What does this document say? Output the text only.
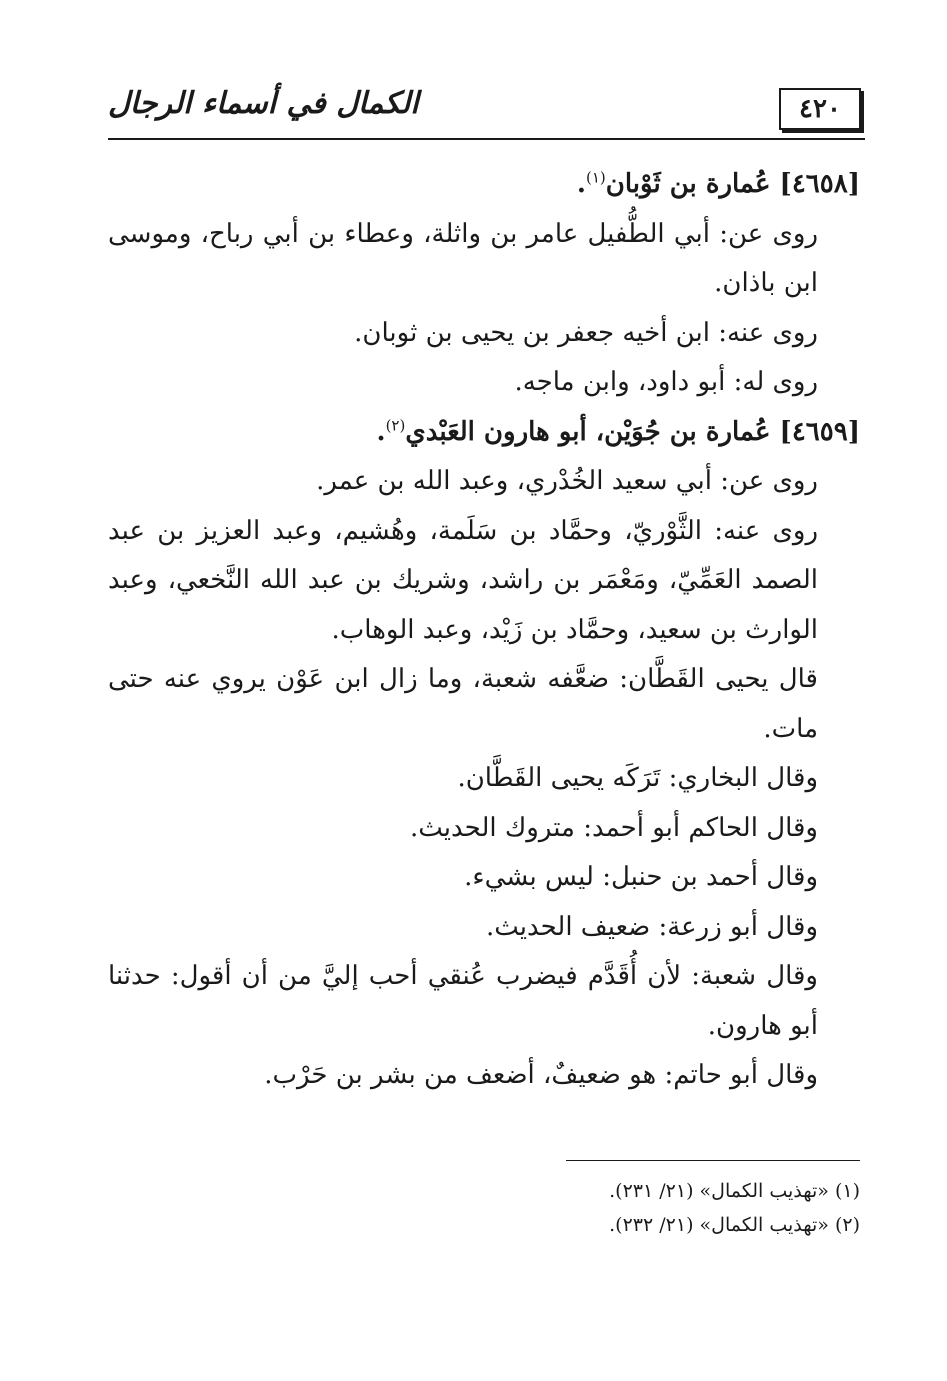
٤٢٠
الكمال في أسماء الرجال

[٤٦٥٨] عُمارة بن ثَوْبان$^{(١)}$.

روى عن: أبي الطُّفيل عامر بن واثلة، وعطاء بن أبي رباح، وموسى ابن باذان.

روى عنه: ابن أخيه جعفر بن يحيى بن ثوبان.

روى له: أبو داود، وابن ماجه.

[٤٦٥٩] عُمارة بن جُوَيْن، أبو هارون العَبْدي$^{(٢)}$.

روى عن: أبي سعيد الخُدْري، وعبد الله بن عمر.

روى عنه: الثَّوْريّ، وحمَّاد بن سَلَمة، وهُشيم، وعبد العزيز بن عبد الصمد العَمِّيّ، ومَعْمَر بن راشد، وشريك بن عبد الله النَّخعي، وعبد الوارث بن سعيد، وحمَّاد بن زَيْد، وعبد الوهاب.

قال يحيى القَطَّان: ضعَّفه شعبة، وما زال ابن عَوْن يروي عنه حتى مات.

وقال البخاري: تَرَكَه يحيى القَطَّان.

وقال الحاكم أبو أحمد: متروك الحديث.

وقال أحمد بن حنبل: ليس بشيء.

وقال أبو زرعة: ضعيف الحديث.

وقال شعبة: لأن أُقَدَّم فيضرب عُنقي أحب إليَّ من أن أقول: حدثنا أبو هارون.

وقال أبو حاتم: هو ضعيفٌ، أضعف من بشر بن حَرْب.

(١) «تهذيب الكمال» (٢١/ ٢٣١).

(٢) «تهذيب الكمال» (٢١/ ٢٣٢).
